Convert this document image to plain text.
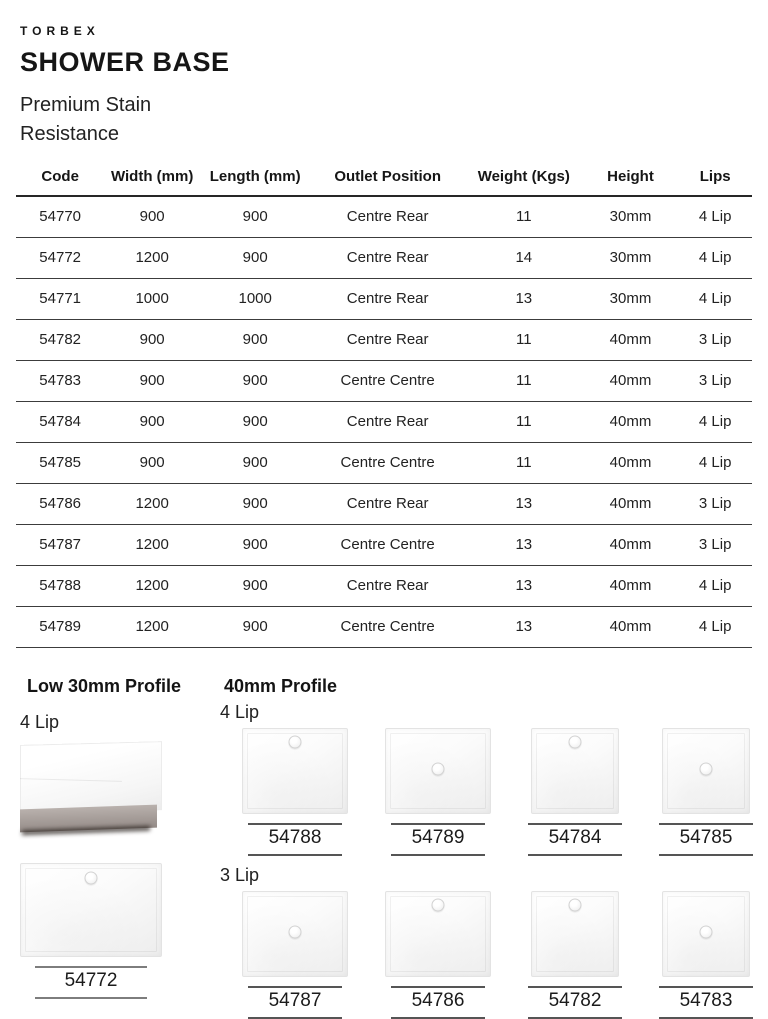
TORBEX
SHOWER BASE
Premium Stain
Resistance
Code	Width (mm)	Length (mm)	Outlet Position	Weight (Kgs)	Height	Lips
54770	900	900	Centre Rear	11	30mm	4 Lip
54772	1200	900	Centre Rear	14	30mm	4 Lip
54771	1000	1000	Centre Rear	13	30mm	4 Lip
54782	900	900	Centre Rear	11	40mm	3 Lip
54783	900	900	Centre Centre	11	40mm	3 Lip
54784	900	900	Centre Rear	11	40mm	4 Lip
54785	900	900	Centre Centre	11	40mm	4 Lip
54786	1200	900	Centre Rear	13	40mm	3 Lip
54787	1200	900	Centre Centre	13	40mm	3 Lip
54788	1200	900	Centre Rear	13	40mm	4 Lip
54789	1200	900	Centre Centre	13	40mm	4 Lip
Low 30mm Profile
4 Lip
54772
40mm Profile
4 Lip
54788	54789	54784	54785
3 Lip
54787	54786	54782	54783
